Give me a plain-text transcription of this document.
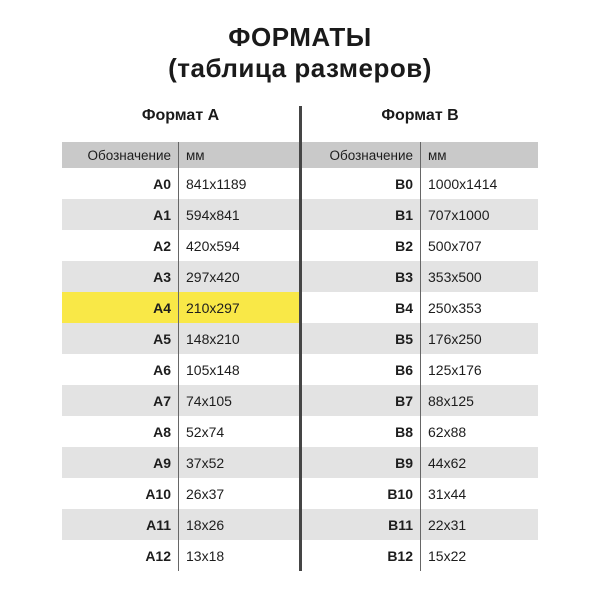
ФОРМАТЫ
(таблица размеров)
Формат А
Обозначение	мм
A0	841x1189
A1	594x841
A2	420x594
A3	297x420
A4	210x297
A5	148x210
A6	105x148
A7	74x105
A8	52x74
A9	37x52
A10	26x37
A11	18x26
A12	13x18
Формат В
Обозначение	мм
B0	1000x1414
B1	707x1000
B2	500x707
B3	353x500
B4	250x353
B5	176x250
B6	125x176
B7	88x125
B8	62x88
B9	44x62
B10	31x44
B11	22x31
B12	15x22
